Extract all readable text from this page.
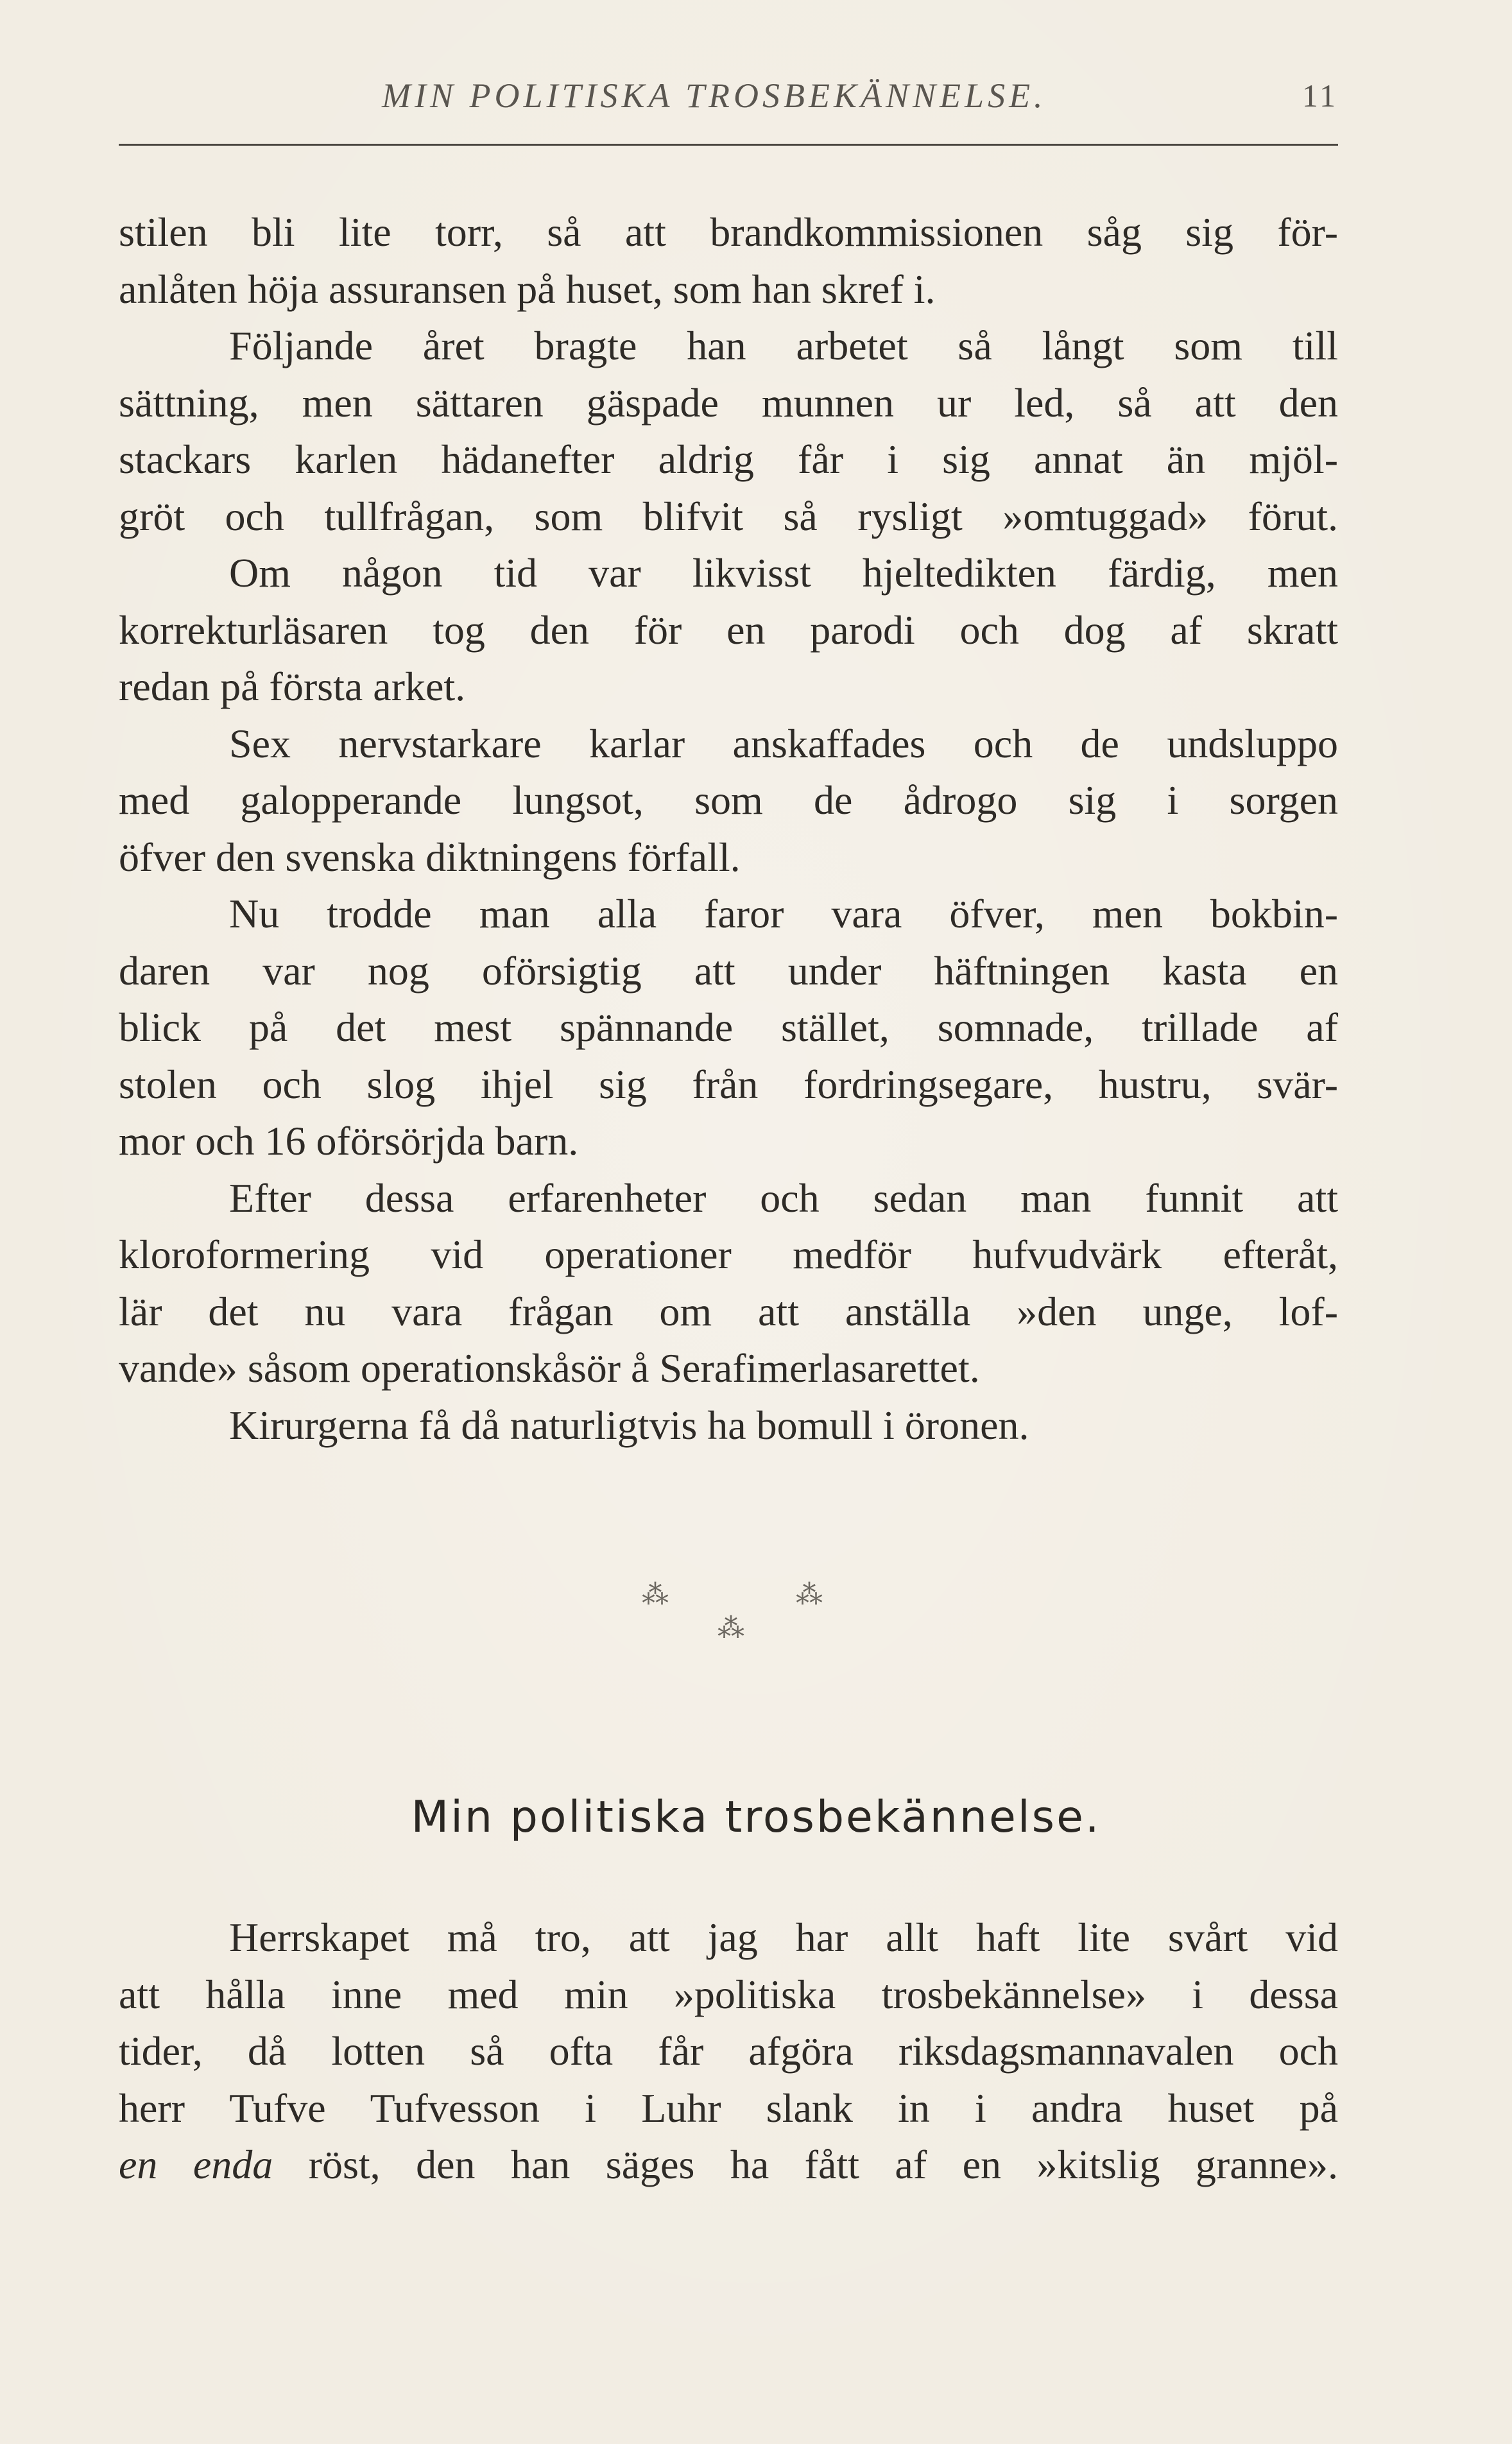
MIN POLITISKA TROSBEKÄNNELSE.	11

stilen bli lite torr, så att brandkommissionen såg sig för-

anlåten höja assuransen på huset, som han skref i.

Följande året bragte han arbetet så långt som till

sättning, men sättaren gäspade munnen ur led, så att den

stackars karlen hädanefter aldrig får i sig annat än mjöl-

gröt och tullfrågan, som blifvit så rysligt »omtuggad» förut.

Om någon tid var likvisst hjeltedikten färdig, men

korrekturläsaren tog den för en parodi och dog af skratt

redan på första arket.

Sex nervstarkare karlar anskaffades och de undsluppo

med galopperande lungsot, som de ådrogo sig i sorgen

öfver den svenska diktningens förfall.

Nu trodde man alla faror vara öfver, men bokbin-

daren var nog oförsigtig att under häftningen kasta en

blick på det mest spännande stället, somnade, trillade af

stolen och slog ihjel sig från fordringsegare, hustru, svär-

mor och 16 oförsörjda barn.

Efter dessa erfarenheter och sedan man funnit att

kloroformering vid operationer medför hufvudvärk efteråt,

lär det nu vara frågan om att anställa »den unge, lof-

vande» såsom operationskåsör å Serafimerlasarettet.

Kirurgerna få då naturligtvis ha bomull i öronen.

⁂	⁂
⁂
Min politiska trosbekännelse.

Herrskapet må tro, att jag har allt haft lite svårt vid

att hålla inne med min »politiska trosbekännelse» i dessa

tider, då lotten så ofta får afgöra riksdagsmannavalen och

herr Tufve Tufvesson i Luhr slank in i andra huset på

en enda röst, den han säges ha fått af en »kitslig granne».
